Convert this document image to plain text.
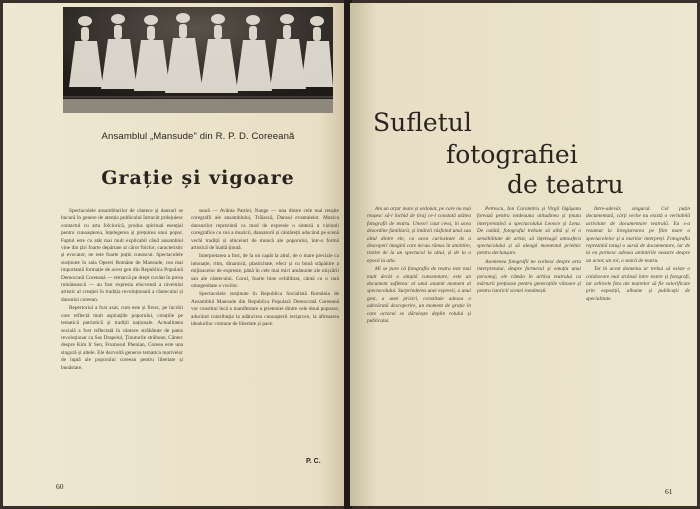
Ansamblul „Mansude" din R. P. D. Coreeană
Grație și vigoare

Spectacolele ansamblurilor de cântece și dansuri se bucură în genere de atenția publicului întrucât prilejuiesc contactul cu arta folclorică, produs spiritual esențial pentru cunoașterea, înțelegerea și prețuirea unui popor. Faptul este cu atât mai mult explicabil când ansamblul vine din țări foarte depărtate al căror folclor, caracteristic și evocator, ne este foarte puțin cunoscut. Spectacolele susținute în sala Operei Române de Mansude, cea mai importantă formație de acest gen din Republica Populară Democrată Coreeană — remarcă pe drept cuvânt în presa românească — au fost expresia elocventă a nivelului artistic al creației în tradiția revoluționară a cântecului și dansului coreean.

Repertoriul a fost axat, cum este și firesc, pe lucrări care reflectă mult aspirațiile poporului, creațiile pe tematică patriotică și tradiții naționale. Actualitatea socială a fost reflectată în cântece străbătute de patos revoluționar ca Sus Drapelul, Ținuturile străbune, Cântec despre Kim Ir Sen, Frumosul Phenian, Coreea este una singură și altele. Ele dezvoltă generos tematica motivelor de luptă ale poporului coreean pentru libertate și bunăstare.

seară — Avânta Patriei, Nange — una dintre cele mai reușite coregrafii ale ansamblului, Trăiască, Dansul evantaielor. Muzica dansurilor reprezintă ca mod de expresie o sinteză a viziunii coregrafice cu cea a muzicii, dansatorii și cântăreții aducând pe scenă vechi tradiții și obiceiuri de muncă ale poporului, într-o formă artistică de înaltă ținută.

Interpretarea a fost, de la un capăt la altul, de o mare precizie ca intonație, ritm, dinamică, plasticitate, efect și cu bună stăpânire a mijloacelor de expresie, până în cele mai mici amănunte ale mișcării sau ale cântecului. Corul, foarte bine echilibrat, cântă cu o rară omogenitate a vocilor.

Spectacolele susținute în Republica Socialistă România de Ansamblul Mansude din Republica Populară Democrată Coreeană vor constitui încă o manifestare a prieteniei dintre cele două popoare, aducând contribuția la adâncirea cunoașterii reciproce, la afirmarea idealurilor comune de libertate și pace.

P. C.
60
Sufletul
fotografiei
de teatru

Am un arțar mare și ordonat, pe care nu mai reușesc să-l închid de tiraj ce-l constată atâtea fotografii de teatru. Uneori caut ceva, în acea dezordine familiară, și întârzii răsfoind unul sau altul dintre ele, cu acea curiozitate de a descoperi imagini care mi-au rămas în amintire, trezite de la un spectacol la altul, și de la o epocă la alta.

Mi se pare că fotografia de teatru este mai mult decât o simplă consemnare; este un document sufletesc al unui anumit moment al spectacolului. Surprinderea unei expresii, a unui gest, a unei priviri, constituie adesea o adevărată descoperire, un moment de grație în care actorul se dăruiește deplin rolului și publicului.

Petrescu, Ion Caramitru și Virgil Ogășanu forează pentru totdeauna atitudinea și ținuta interpretativă a spectacolului Leonce și Lena. De cutătă, fotograful trebuie să aibă și el o sensibilitate de artist, să înțeleagă atmosfera spectacolului și să aleagă momentul prielnic pentru declanșare.

Asemenea fotografii ne vorbesc despre arta interpretului, despre farmecul și emoția unui personaj; ele rămân în arhiva teatrului ca mărturii prețioase pentru generațiile viitoare și pentru istoricii scenei românești.

Între-adevăr, singurul. Cel puțin documentată, cărți veche nu există o veritabilă activitate de documentare teatrală. Ea s-a rezumat la înregistrarea pe film mare a spectacolelor și a marilor interpreți. Fotografia reprezintă totuși o sursă de documentare, iar de la ea pornesc adesea amintirile noastre despre un actor, un rol, o seară de teatru.

Tot în acest domeniu ar trebui să existe o colaborare mai strânsă între teatre și fotografi, iar arhivele foto ale teatrelor să fie valorificate prin expoziții, albume și publicații de specialitate.

61
